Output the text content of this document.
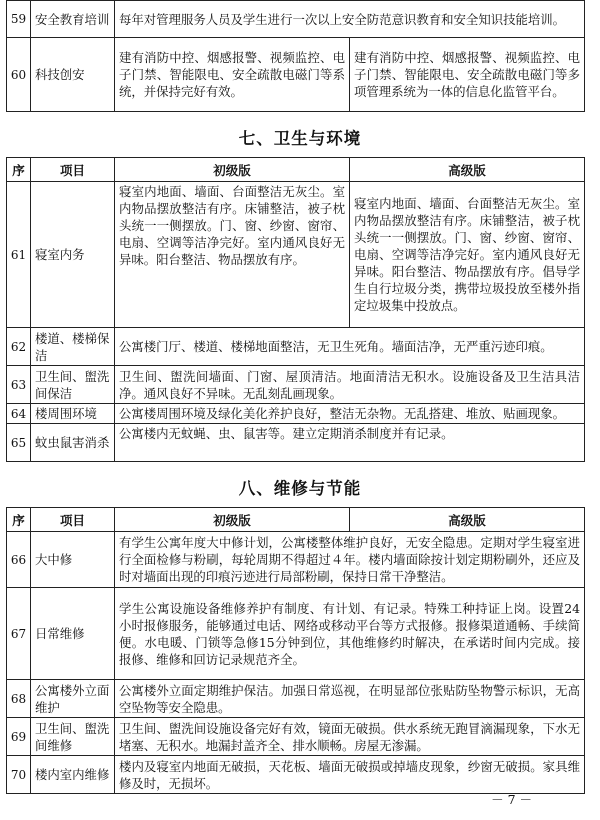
59	安全教育培训	每年对管理服务人员及学生进行一次以上安全防范意识教育和安全知识技能培训。	
60	科技创安	建有消防中控、烟感报警、视频监控、电子门禁、智能限电、安全疏散电磁门等系统，并保持完好有效。	建有消防中控、烟感报警、视频监控、电子门禁、智能限电、安全疏散电磁门等多项管理系统为一体的信息化监管平台。
七、卫生与环境
序	项目	初级版	高级版
61	寝室内务	寝室内地面、墙面、台面整洁无灰尘。室内物品摆放整洁有序。床铺整洁，被子枕头统一一侧摆放。门、窗、纱窗、窗帘、电扇、空调等洁净完好。室内通风良好无异味。阳台整洁、物品摆放有序。	寝室内地面、墙面、台面整洁无灰尘。室内物品摆放整洁有序。床铺整洁，被子枕头统一一侧摆放。门、窗、纱窗、窗帘、电扇、空调等洁净完好。室内通风良好无异味。阳台整洁、物品摆放有序。倡导学生自行垃圾分类，携带垃圾投放至楼外指定垃圾集中投放点。
62	楼道、楼梯保洁	公寓楼门厅、楼道、楼梯地面整洁，无卫生死角。墙面洁净，无严重污迹印痕。	
63	卫生间、盥洗间保洁	卫生间、盥洗间墙面、门窗、屋顶清洁。地面清洁无积水。设施设备及卫生洁具洁净。通风良好不异味。无乱刻乱画现象。	
64	楼周围环境	公寓楼周围环境及绿化美化养护良好，整洁无杂物。无乱搭建、堆放、贴画现象。	
65	蚊虫鼠害消杀	公寓楼内无蚊蝇、虫、鼠害等。建立定期消杀制度并有记录。	
八、维修与节能
序	项目	初级版	高级版
66	大中修	有学生公寓年度大中修计划，公寓楼整体维护良好，无安全隐患。定期对学生寝室进行全面检修与粉刷，每轮周期不得超过４年。楼内墙面除按计划定期粉刷外，还应及时对墙面出现的印痕污迹进行局部粉刷，保持日常干净整洁。	
67	日常维修	学生公寓设施设备维修养护有制度、有计划、有记录。特殊工种持证上岗。设置24小时报修服务，能够通过电话、网络或移动平台等方式报修。报修渠道通畅、手续简便。水电暖、门锁等急修15分钟到位，其他维修约时解决，在承诺时间内完成。接报修、维修和回访记录规范齐全。	
68	公寓楼外立面维护	公寓楼外立面定期维护保洁。加强日常巡视，在明显部位张贴防坠物警示标识，无高空坠物等安全隐患。	
69	卫生间、盥洗间维修	卫生间、盥洗间设施设备完好有效，镜面无破损。供水系统无跑冒滴漏现象，下水无堵塞、无积水。地漏封盖齐全、排水顺畅。房屋无渗漏。	
70	楼内室内维修	楼内及寝室内地面无破损，天花板、墙面无破损或掉墙皮现象，纱窗无破损。家具维修及时，无损坏。	
－ 7 －
